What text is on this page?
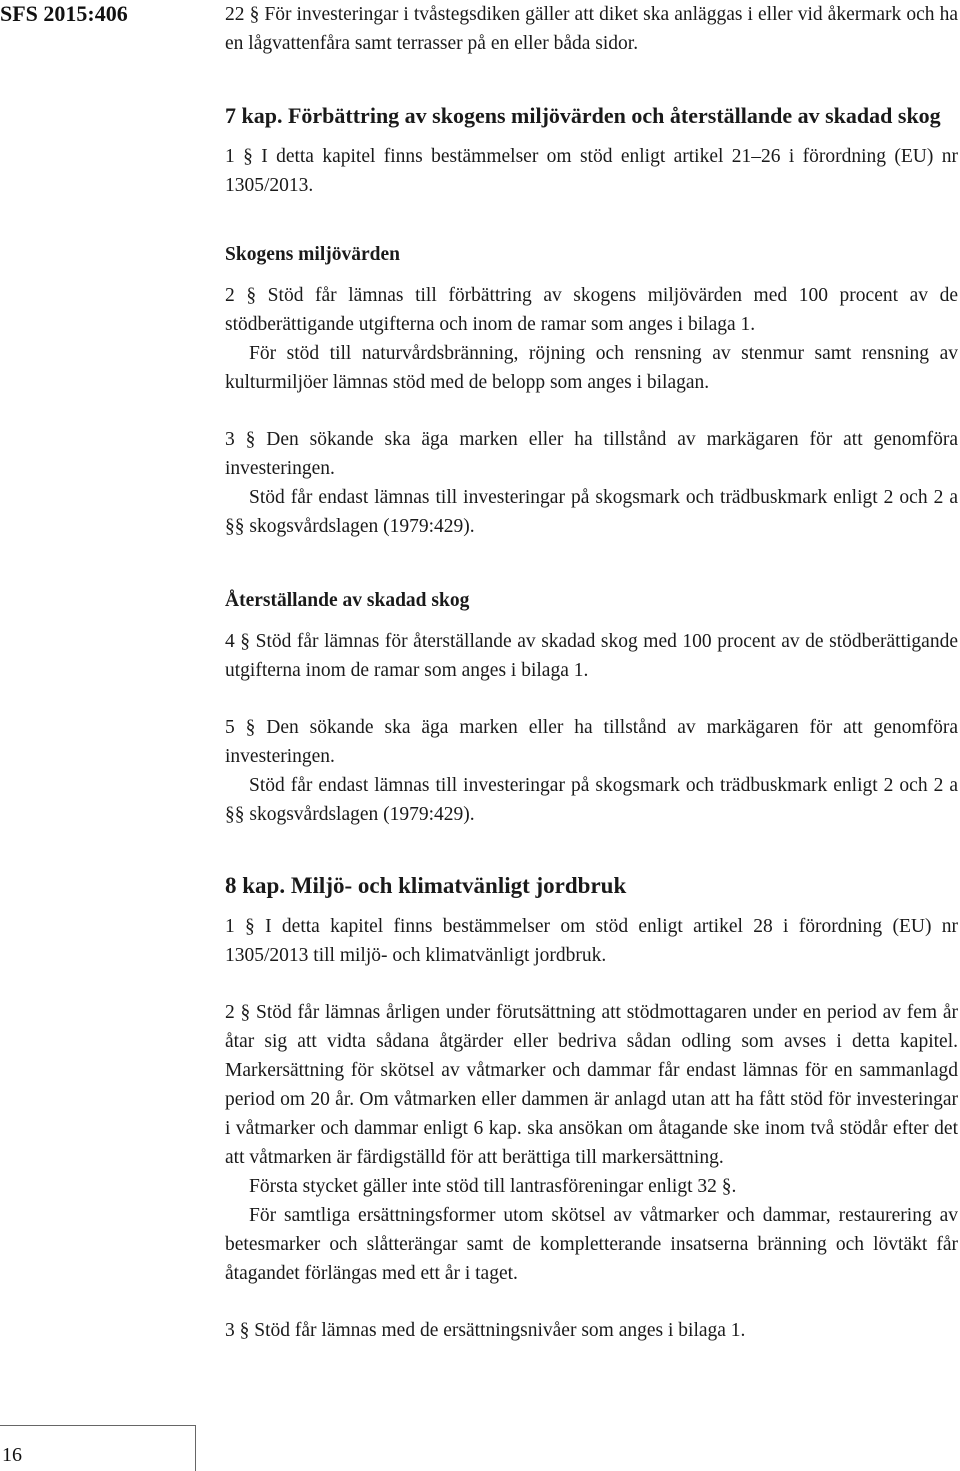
SFS 2015:406	22 § För investeringar i tvåstegsdiken gäller att diket ska anläggas i eller vid åkermark och ha en lågvattenfåra samt terrasser på en eller båda sidor.

7 kap. Förbättring av skogens miljövärden och återställande av skadad skog

1 § I detta kapitel finns bestämmelser om stöd enligt artikel 21–26 i förordning (EU) nr 1305/2013.

Skogens miljövärden

2 § Stöd får lämnas till förbättring av skogens miljövärden med 100 procent av de stödberättigande utgifterna och inom de ramar som anges i bilaga 1.

För stöd till naturvårdsbränning, röjning och rensning av stenmur samt rensning av kulturmiljöer lämnas stöd med de belopp som anges i bilagan.

3 § Den sökande ska äga marken eller ha tillstånd av markägaren för att genomföra investeringen.

Stöd får endast lämnas till investeringar på skogsmark och trädbuskmark enligt 2 och 2 a §§ skogsvårdslagen (1979:429).

Återställande av skadad skog

4 § Stöd får lämnas för återställande av skadad skog med 100 procent av de stödberättigande utgifterna inom de ramar som anges i bilaga 1.

5 § Den sökande ska äga marken eller ha tillstånd av markägaren för att genomföra investeringen.

Stöd får endast lämnas till investeringar på skogsmark och trädbuskmark enligt 2 och 2 a §§ skogsvårdslagen (1979:429).

8 kap. Miljö- och klimatvänligt jordbruk

1 § I detta kapitel finns bestämmelser om stöd enligt artikel 28 i förordning (EU) nr 1305/2013 till miljö- och klimatvänligt jordbruk.

2 § Stöd får lämnas årligen under förutsättning att stödmottagaren under en period av fem år åtar sig att vidta sådana åtgärder eller bedriva sådan odling som avses i detta kapitel. Markersättning för skötsel av våtmarker och dammar får endast lämnas för en sammanlagd period om 20 år. Om våtmarken eller dammen är anlagd utan att ha fått stöd för investeringar i våtmarker och dammar enligt 6 kap. ska ansökan om åtagande ske inom två stödår efter det att våtmarken är färdigställd för att berättiga till markersättning.

Första stycket gäller inte stöd till lantrasföreningar enligt 32 §.

För samtliga ersättningsformer utom skötsel av våtmarker och dammar, restaurering av betesmarker och slåtterängar samt de kompletterande insatserna bränning och lövtäkt får åtagandet förlängas med ett år i taget.

3 § Stöd får lämnas med de ersättningsnivåer som anges i bilaga 1.

16
